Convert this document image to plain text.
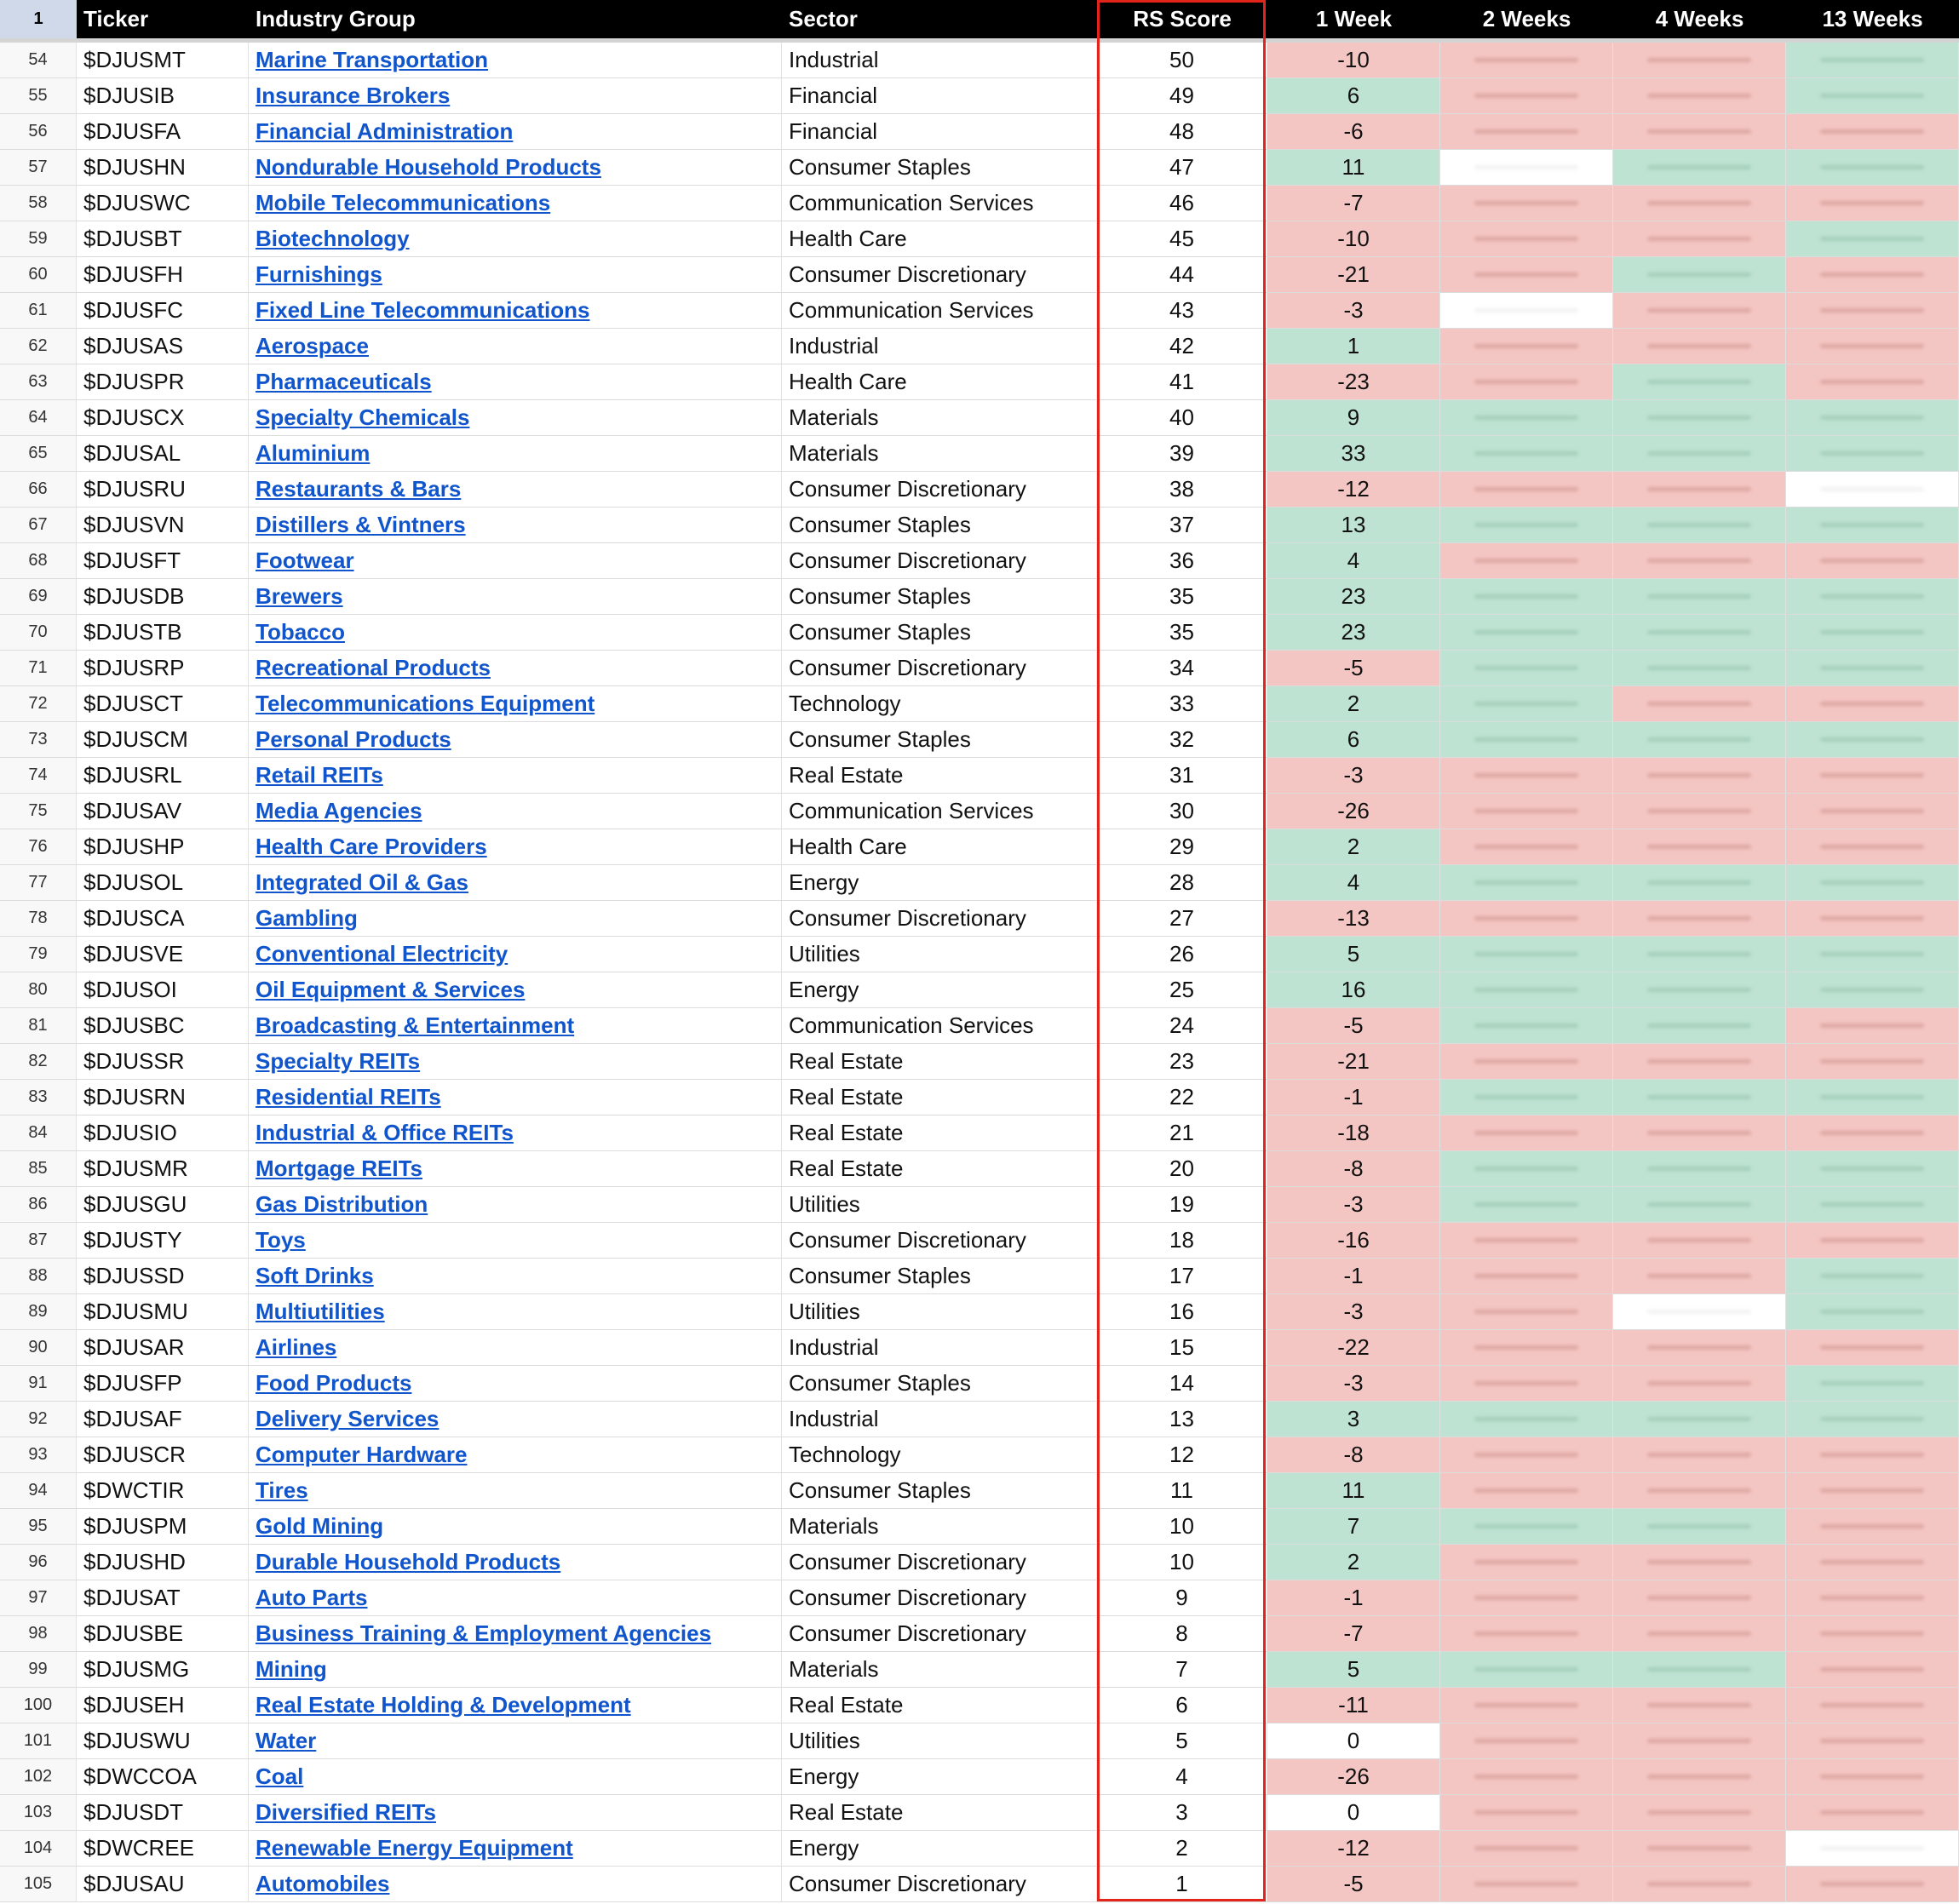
1	Ticker	Industry Group	Sector	RS Score	1 Week	2 Weeks	4 Weeks	13 Weeks
54	$DJUSMT	Marine Transportation	Industrial	50	-10
55	$DJUSIB	Insurance Brokers	Financial	49	6
56	$DJUSFA	Financial Administration	Financial	48	-6
57	$DJUSHN	Nondurable Household Products	Consumer Staples	47	11
58	$DJUSWC	Mobile Telecommunications	Communication Services	46	-7
59	$DJUSBT	Biotechnology	Health Care	45	-10
60	$DJUSFH	Furnishings	Consumer Discretionary	44	-21
61	$DJUSFC	Fixed Line Telecommunications	Communication Services	43	-3
62	$DJUSAS	Aerospace	Industrial	42	1
63	$DJUSPR	Pharmaceuticals	Health Care	41	-23
64	$DJUSCX	Specialty Chemicals	Materials	40	9
65	$DJUSAL	Aluminium	Materials	39	33
66	$DJUSRU	Restaurants & Bars	Consumer Discretionary	38	-12
67	$DJUSVN	Distillers & Vintners	Consumer Staples	37	13
68	$DJUSFT	Footwear	Consumer Discretionary	36	4
69	$DJUSDB	Brewers	Consumer Staples	35	23
70	$DJUSTB	Tobacco	Consumer Staples	35	23
71	$DJUSRP	Recreational Products	Consumer Discretionary	34	-5
72	$DJUSCT	Telecommunications Equipment	Technology	33	2
73	$DJUSCM	Personal Products	Consumer Staples	32	6
74	$DJUSRL	Retail REITs	Real Estate	31	-3
75	$DJUSAV	Media Agencies	Communication Services	30	-26
76	$DJUSHP	Health Care Providers	Health Care	29	2
77	$DJUSOL	Integrated Oil & Gas	Energy	28	4
78	$DJUSCA	Gambling	Consumer Discretionary	27	-13
79	$DJUSVE	Conventional Electricity	Utilities	26	5
80	$DJUSOI	Oil Equipment & Services	Energy	25	16
81	$DJUSBC	Broadcasting & Entertainment	Communication Services	24	-5
82	$DJUSSR	Specialty REITs	Real Estate	23	-21
83	$DJUSRN	Residential REITs	Real Estate	22	-1
84	$DJUSIO	Industrial & Office REITs	Real Estate	21	-18
85	$DJUSMR	Mortgage REITs	Real Estate	20	-8
86	$DJUSGU	Gas Distribution	Utilities	19	-3
87	$DJUSTY	Toys	Consumer Discretionary	18	-16
88	$DJUSSD	Soft Drinks	Consumer Staples	17	-1
89	$DJUSMU	Multiutilities	Utilities	16	-3
90	$DJUSAR	Airlines	Industrial	15	-22
91	$DJUSFP	Food Products	Consumer Staples	14	-3
92	$DJUSAF	Delivery Services	Industrial	13	3
93	$DJUSCR	Computer Hardware	Technology	12	-8
94	$DWCTIR	Tires	Consumer Staples	11	11
95	$DJUSPM	Gold Mining	Materials	10	7
96	$DJUSHD	Durable Household Products	Consumer Discretionary	10	2
97	$DJUSAT	Auto Parts	Consumer Discretionary	9	-1
98	$DJUSBE	Business Training & Employment Agencies	Consumer Discretionary	8	-7
99	$DJUSMG	Mining	Materials	7	5
100	$DJUSEH	Real Estate Holding & Development	Real Estate	6	-11
101	$DJUSWU	Water	Utilities	5	0
102	$DWCCOA	Coal	Energy	4	-26
103	$DJUSDT	Diversified REITs	Real Estate	3	0
104	$DWCREE	Renewable Energy Equipment	Energy	2	-12
105	$DJUSAU	Automobiles	Consumer Discretionary	1	-5
